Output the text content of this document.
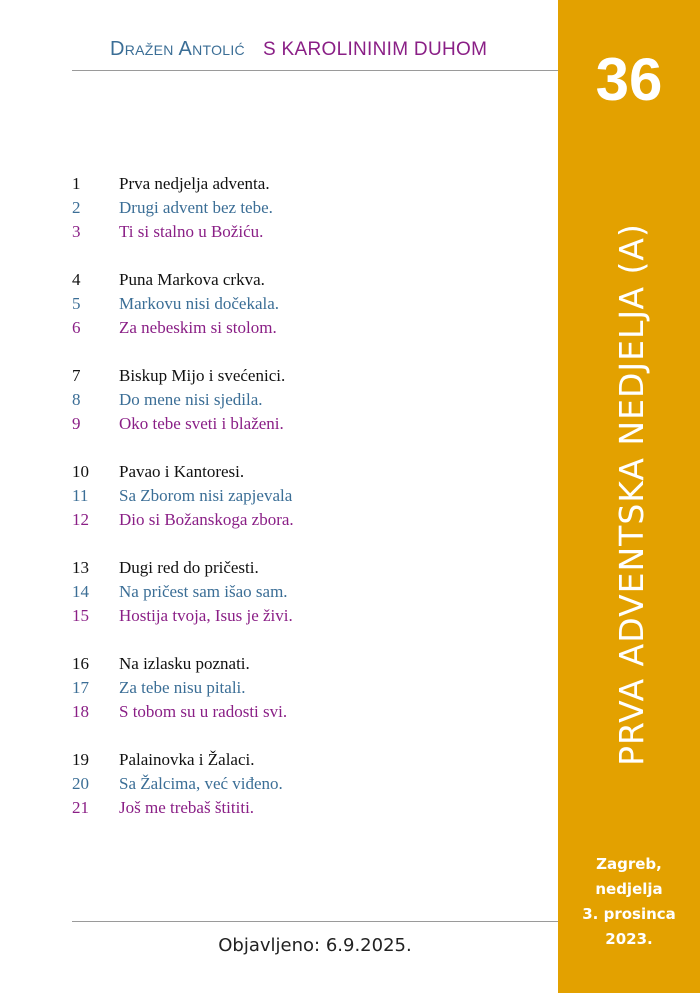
Dražen Antolić S KAROLININIM DUHOM
1	Prva nedjelja adventa.
2	Drugi advent bez tebe.
3	Ti si stalno u Božiću.
4	Puna Markova crkva.
5	Markovu nisi dočekala.
6	Za nebeskim si stolom.
7	Biskup Mijo i svećenici.
8	Do mene nisi sjedila.
9	Oko tebe sveti i blaženi.
10	Pavao i Kantoresi.
11	Sa Zborom nisi zapjevala
12	Dio si Božanskoga zbora.
13	Dugi red do pričesti.
14	Na pričest sam išao sam.
15	Hostija tvoja, Isus je živi.
16	Na izlasku poznati.
17	Za tebe nisu pitali.
18	S tobom su u radosti svi.
19	Palainovka i Žalaci.
20	Sa Žalcima, već viđeno.
21	Još me trebaš štititi.
Objavljeno: 6.9.2025.
36
PRVA ADVENTSKA NEDJELJA (A)
Zagreb,
nedjelja
3. prosinca
2023.
